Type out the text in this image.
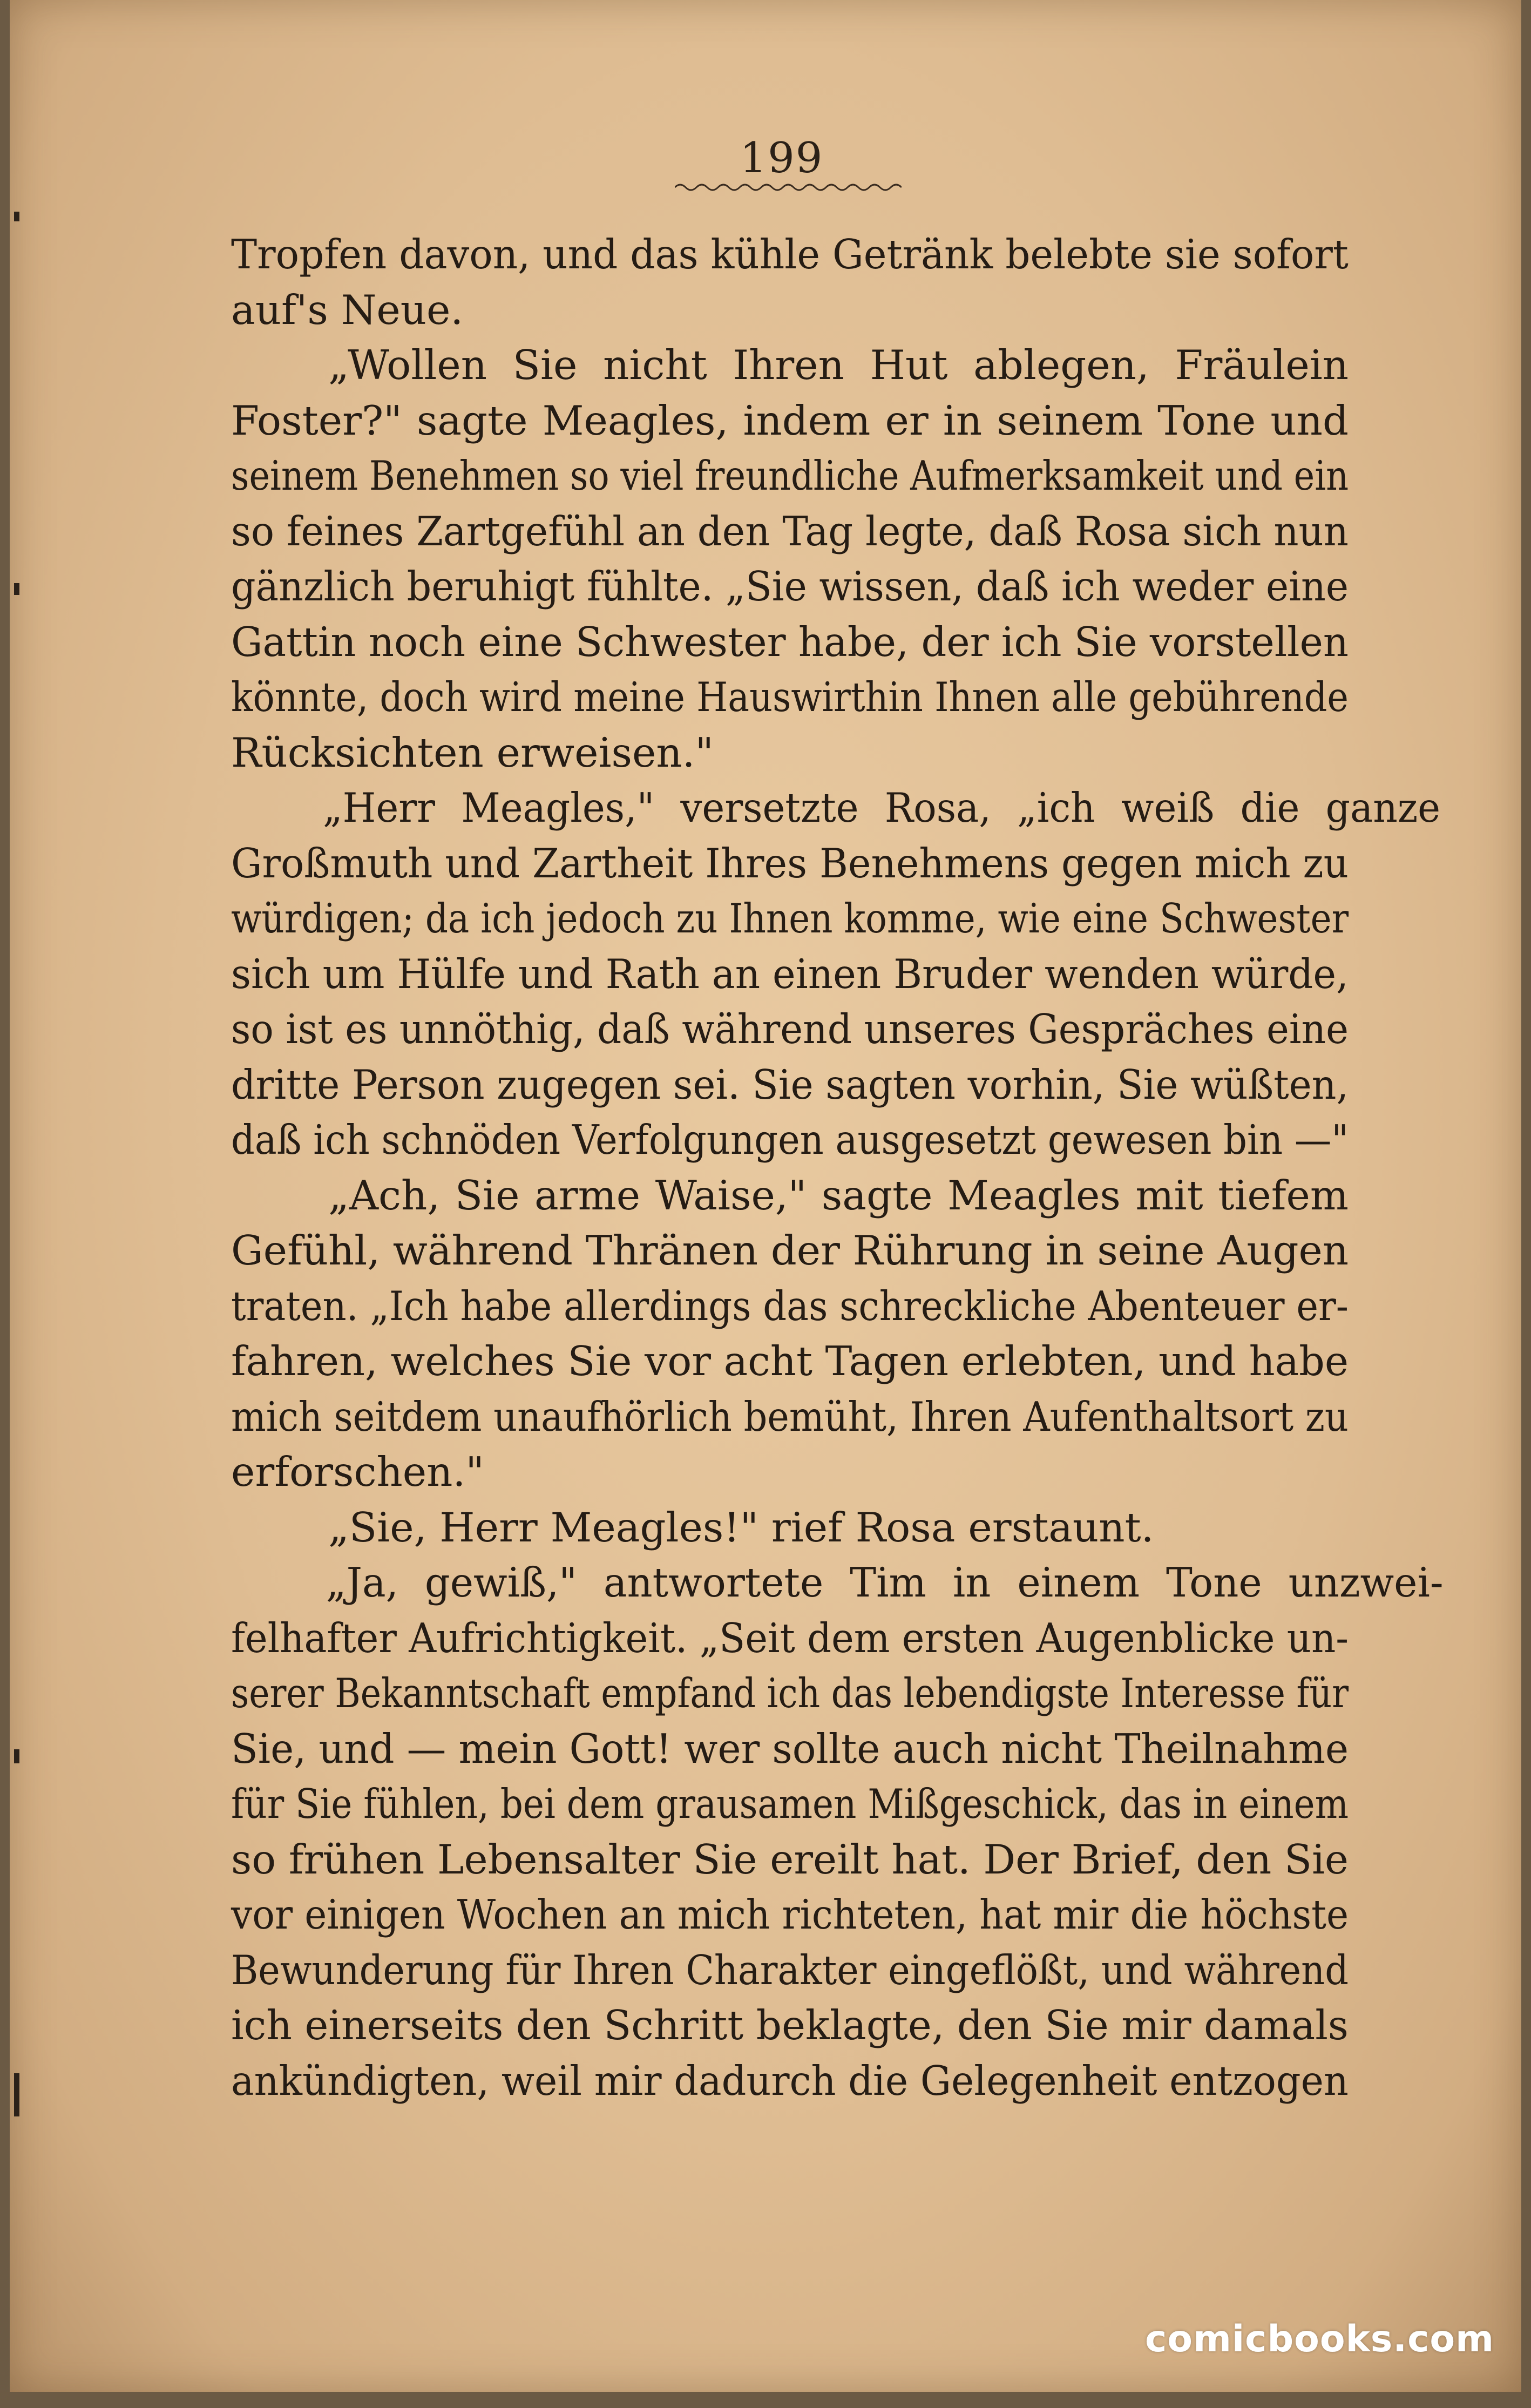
199
Tropfen davon, und das kühle Getränk belebte sie sofort
auf's Neue.
„Wollen Sie nicht Ihren Hut ablegen, Fräulein
Foster?" sagte Meagles, indem er in seinem Tone und
seinem Benehmen so viel freundliche Aufmerksamkeit und ein
so feines Zartgefühl an den Tag legte, daß Rosa sich nun
gänzlich beruhigt fühlte. „Sie wissen, daß ich weder eine
Gattin noch eine Schwester habe, der ich Sie vorstellen
könnte, doch wird meine Hauswirthin Ihnen alle gebührende
Rücksichten erweisen."
„Herr Meagles," versetzte Rosa, „ich weiß die ganze
Großmuth und Zartheit Ihres Benehmens gegen mich zu
würdigen; da ich jedoch zu Ihnen komme, wie eine Schwester
sich um Hülfe und Rath an einen Bruder wenden würde,
so ist es unnöthig, daß während unseres Gespräches eine
dritte Person zugegen sei. Sie sagten vorhin, Sie wüßten,
daß ich schnöden Verfolgungen ausgesetzt gewesen bin —"
„Ach, Sie arme Waise," sagte Meagles mit tiefem
Gefühl, während Thränen der Rührung in seine Augen
traten. „Ich habe allerdings das schreckliche Abenteuer er-
fahren, welches Sie vor acht Tagen erlebten, und habe
mich seitdem unaufhörlich bemüht, Ihren Aufenthaltsort zu
erforschen."
„Sie, Herr Meagles!" rief Rosa erstaunt.
„Ja, gewiß," antwortete Tim in einem Tone unzwei-
felhafter Aufrichtigkeit. „Seit dem ersten Augenblicke un-
serer Bekanntschaft empfand ich das lebendigste Interesse für
Sie, und — mein Gott! wer sollte auch nicht Theilnahme
für Sie fühlen, bei dem grausamen Mißgeschick, das in einem
so frühen Lebensalter Sie ereilt hat. Der Brief, den Sie
vor einigen Wochen an mich richteten, hat mir die höchste
Bewunderung für Ihren Charakter eingeflößt, und während
ich einerseits den Schritt beklagte, den Sie mir damals
ankündigten, weil mir dadurch die Gelegenheit entzogen
comicbooks.com
